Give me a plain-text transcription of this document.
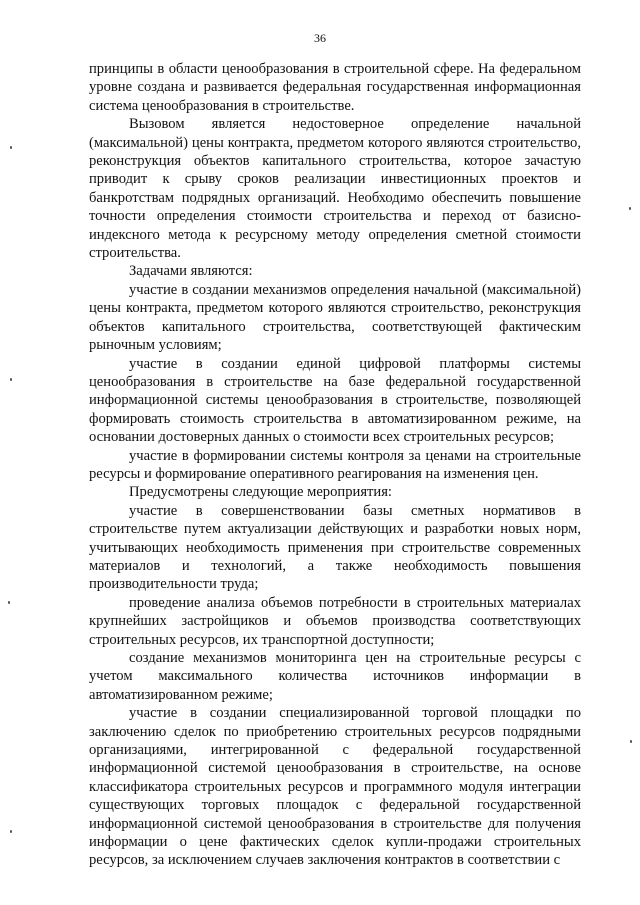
36

принципы в области ценообразования в строительной сфере. На федеральном уровне создана и развивается федеральная государственная информационная система ценообразования в строительстве.

Вызовом является недостоверное определение начальной (максимальной) цены контракта, предметом которого являются строительство, реконструкция объектов капитального строительства, которое зачастую приводит к срыву сроков реализации инвестиционных проектов и банкротствам подрядных организаций. Необходимо обеспечить повышение точности определения стоимости строительства и переход от базисно-индексного метода к ресурсному методу определения сметной стоимости строительства.

Задачами являются:

участие в создании механизмов определения начальной (максимальной) цены контракта, предметом которого являются строительство, реконструкция объектов капитального строительства, соответствующей фактическим рыночным условиям;

участие в создании единой цифровой платформы системы ценообразования в строительстве на базе федеральной государственной информационной системы ценообразования в строительстве, позволяющей формировать стоимость строительства в автоматизированном режиме, на основании достоверных данных о стоимости всех строительных ресурсов;

участие в формировании системы контроля за ценами на строительные ресурсы и формирование оперативного реагирования на изменения цен.

Предусмотрены следующие мероприятия:

участие в совершенствовании базы сметных нормативов в строительстве путем актуализации действующих и разработки новых норм, учитывающих необходимость применения при строительстве современных материалов и технологий, а также необходимость повышения производительности труда;

проведение анализа объемов потребности в строительных материалах крупнейших застройщиков и объемов производства соответствующих строительных ресурсов, их транспортной доступности;

создание механизмов мониторинга цен на строительные ресурсы с учетом максимального количества источников информации в автоматизированном режиме;

участие в создании специализированной торговой площадки по заключению сделок по приобретению строительных ресурсов подрядными организациями, интегрированной с федеральной государственной информационной системой ценообразования в строительстве, на основе классификатора строительных ресурсов и программного модуля интеграции существующих торговых площадок с федеральной государственной информационной системой ценообразования в строительстве для получения информации о цене фактических сделок купли-продажи строительных ресурсов, за исключением случаев заключения контрактов в соответствии с
